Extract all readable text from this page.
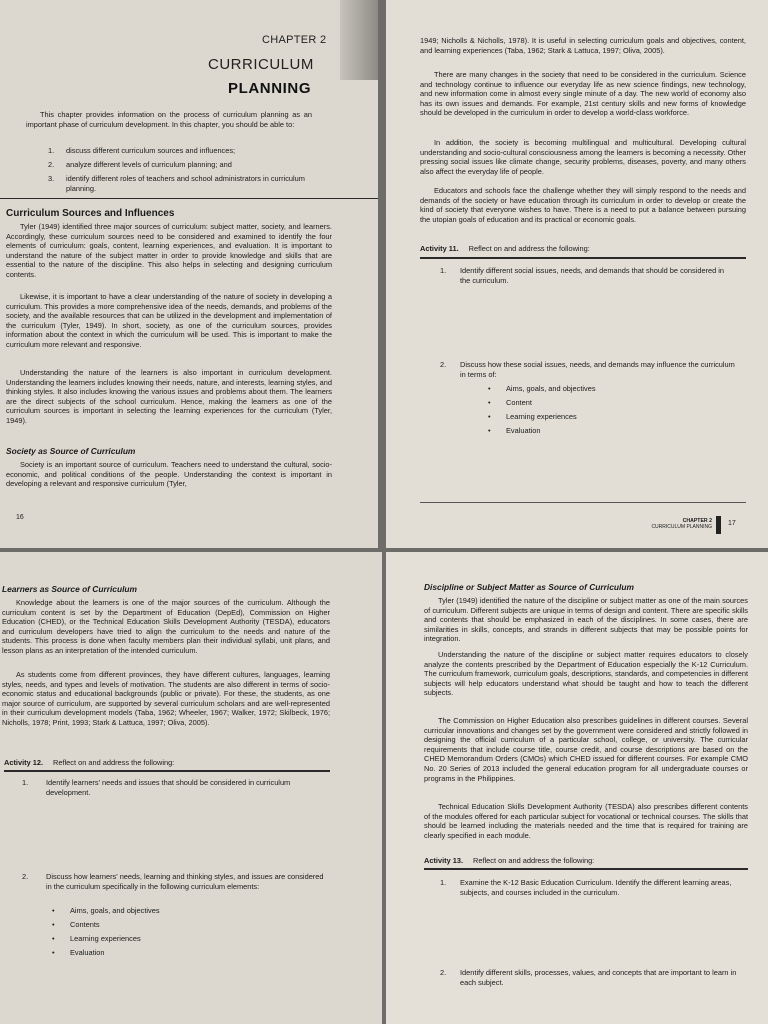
CHAPTER 2
CURRICULUM
PLANNING

This chapter provides information on the process of curriculum planning as an important phase of curriculum development. In this chapter, you should be able to:

1. discuss different curriculum sources and influences;

2. analyze different levels of curriculum planning; and

3. identify different roles of teachers and school administrators in curriculum planning.

Curriculum Sources and Influences

Tyler (1949) identified three major sources of curriculum: subject matter, society, and learners. Accordingly, these curriculum sources need to be considered and examined to identify the four elements of curriculum: goals, content, learning experiences, and evaluation. It is important to understand the nature of the subject matter in order to provide knowledge and skills that are essential to the nature of the discipline. This also helps in selecting and designing curriculum contents.

Likewise, it is important to have a clear understanding of the nature of society in developing a curriculum. This provides a more comprehensive idea of the needs, demands, and problems of the society, and the available resources that can be utilized in the development and implementation of the curriculum (Tyler, 1949). In short, society, as one of the curriculum sources, provides information about the context in which the curriculum will be used. This is important to make the curriculum more relevant and responsive.

Understanding the nature of the learners is also important in curriculum development. Understanding the learners includes knowing their needs, nature, and interests, learning styles, and thinking styles. It also includes knowing the various issues and problems about them. The learners are the direct subjects of the school curriculum. Hence, making the learners as one of the curriculum sources is important in selecting the learning experiences for the curriculum (Tyler, 1949).

Society as Source of Curriculum

Society is an important source of curriculum. Teachers need to understand the cultural, socio-economic, and political conditions of the people. Understanding the context is important in developing a relevant and responsive curriculum (Tyler,

16

1949; Nicholls & Nicholls, 1978). It is useful in selecting curriculum goals and objectives, content, and learning experiences (Taba, 1962; Stark & Lattuca, 1997; Oliva, 2005).

There are many changes in the society that need to be considered in the curriculum. Science and technology continue to influence our everyday life as new science findings, new technology, and new information come in almost every single minute of a day. The new world of economy also has its own issues and demands. For example, 21st century skills and new forms of knowledge should be developed in the curriculum in order to develop a world-class workforce.

In addition, the society is becoming multilingual and multicultural. Developing cultural understanding and socio-cultural consciousness among the learners is becoming a necessity. Other pressing social issues like climate change, security problems, diseases, poverty, and many others also affect the everyday life of people.

Educators and schools face the challenge whether they will simply respond to the needs and demands of the society or have education through its curriculum in order to develop or create the kind of society that everyone wishes to have. There is a need to put a balance between pursuing the utopian goals of education and its practical or economic goals.

Activity 11. Reflect on and address the following:

1. Identify different social issues, needs, and demands that should be considered in the curriculum.

2. Discuss how these social issues, needs, and demands may influence the curriculum in terms of:

• Aims, goals, and objectives

• Content

• Learning experiences

• Evaluation

CHAPTER 2
CURRICULUM PLANNING 17

Learners as Source of Curriculum

Knowledge about the learners is one of the major sources of the curriculum. Although the curriculum content is set by the Department of Education (DepEd), Commission on Higher Education (CHED), or the Technical Education Skills Development Authority (TESDA), educators and curriculum developers have tried to align the curriculum to the needs and nature of the students. This process is done when faculty members plan their individual syllabi, unit plans, and lesson plans as an interpretation of the intended curriculum.

As students come from different provinces, they have different cultures, languages, learning styles, needs, and types and levels of motivation. The students are also different in terms of socio-economic status and educational backgrounds (public or private). For these, the students, as one major source of curriculum, are supported by several curriculum scholars and are well-represented in their curriculum development models (Taba, 1962; Wheeler, 1967; Walker, 1972; Skilbeck, 1976; Nicholls, 1978; Print, 1993; Stark & Lattuca, 1997; Oliva, 2005).

Activity 12. Reflect on and address the following:

1. Identify learners' needs and issues that should be considered in curriculum development.

2. Discuss how learners' needs, learning and thinking styles, and issues are considered in the curriculum specifically in the following curriculum elements:

• Aims, goals, and objectives

• Contents

• Learning experiences

• Evaluation

Discipline or Subject Matter as Source of Curriculum

Tyler (1949) identified the nature of the discipline or subject matter as one of the main sources of curriculum. Different subjects are unique in terms of design and content. There are specific skills and contents that should be emphasized in each of the disciplines. In some cases, there are similarities in skills, concepts, and strands in different subjects that may be possible points for integration.

Understanding the nature of the discipline or subject matter requires educators to closely analyze the contents prescribed by the Department of Education especially the K-12 Curriculum. The curriculum framework, curriculum goals, descriptions, standards, and competencies in different subjects will help educators understand what should be taught and how to teach the different subjects.

The Commission on Higher Education also prescribes guidelines in different courses. Several curricular innovations and changes set by the government were considered and strictly followed in designing the official curriculum of a particular school, college, or university. The curricular requirements that include course title, course credit, and course descriptions are based on the CHED Memorandum Orders (CMOs) which CHED issued for different courses. For example CMO No. 20 Series of 2013 included the general education program for all undergraduate courses or programs in the Philippines.

Technical Education Skills Development Authority (TESDA) also prescribes different contents of the modules offered for each particular subject for vocational or technical courses. The skills that should be learned including the materials needed and the time that is required for training are clearly specified in each module.

Activity 13. Reflect on and address the following:

1. Examine the K-12 Basic Education Curriculum. Identify the different learning areas, subjects, and courses included in the curriculum.

2. Identify different skills, processes, values, and concepts that are important to learn in each subject.
